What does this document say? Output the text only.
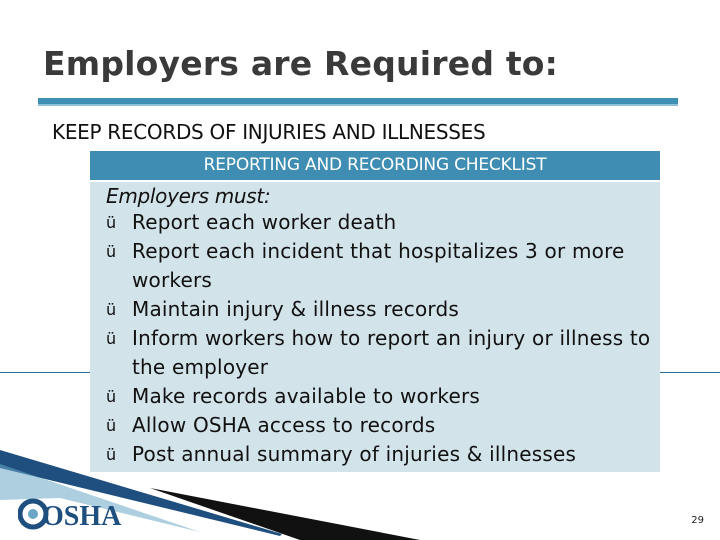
Employers are Required to:
KEEP RECORDS OF INJURIES AND ILLNESSES
REPORTING AND RECORDING CHECKLIST
Employers must:
ü Report each worker death
ü Report each incident that hospitalizes 3 or more workers
ü Maintain injury & illness records
ü Inform workers how to report an injury or illness to the employer
ü Make records available to workers
ü Allow OSHA access to records
ü Post annual summary of injuries & illnesses
OSHA	29
